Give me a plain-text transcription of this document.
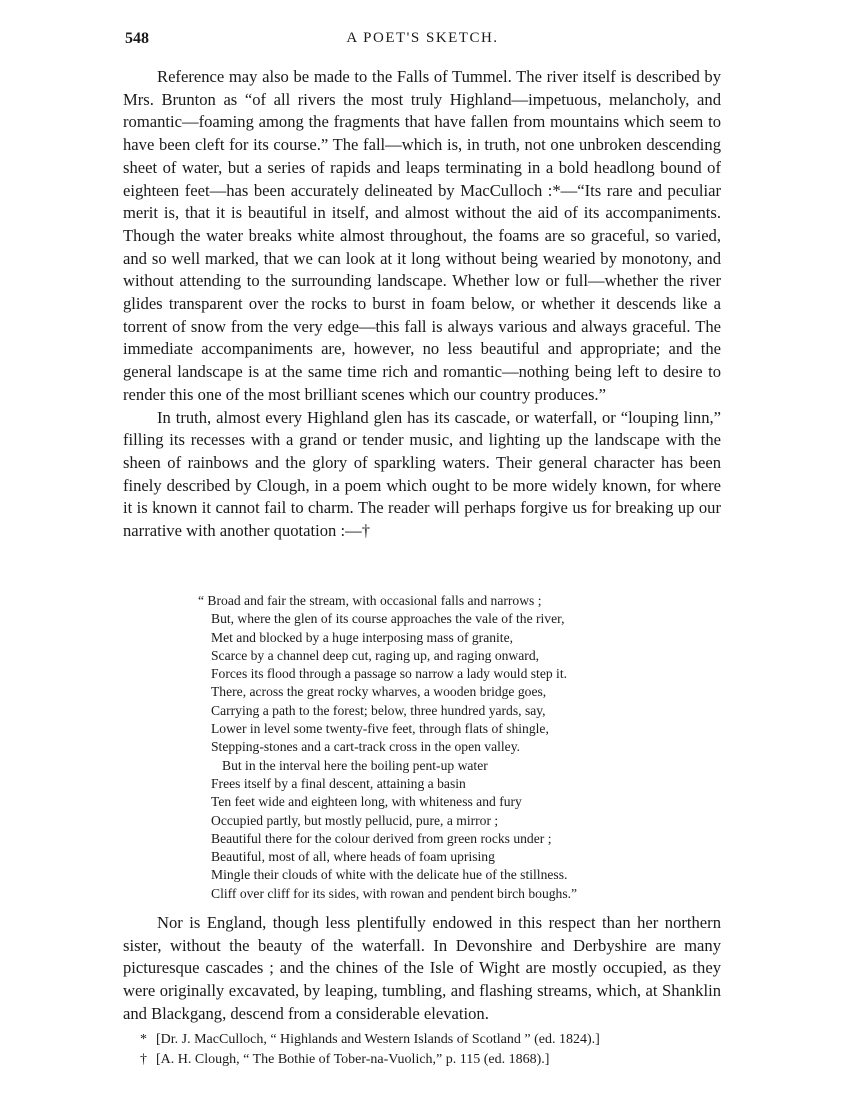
548	A POET'S SKETCH.

Reference may also be made to the Falls of Tummel. The river itself is described by Mrs. Brunton as “of all rivers the most truly Highland—impetuous, melancholy, and romantic—foaming among the fragments that have fallen from mountains which seem to have been cleft for its course.” The fall—which is, in truth, not one unbroken descending sheet of water, but a series of rapids and leaps terminating in a bold headlong bound of eighteen feet—has been accurately delineated by MacCulloch :*—“Its rare and peculiar merit is, that it is beautiful in itself, and almost without the aid of its accompaniments. Though the water breaks white almost throughout, the foams are so graceful, so varied, and so well marked, that we can look at it long without being wearied by monotony, and without attending to the surrounding landscape. Whether low or full—whether the river glides transparent over the rocks to burst in foam below, or whether it descends like a torrent of snow from the very edge—this fall is always various and always graceful. The immediate accompaniments are, however, no less beautiful and appropriate; and the general landscape is at the same time rich and romantic—nothing being left to desire to render this one of the most brilliant scenes which our country produces.”

In truth, almost every Highland glen has its cascade, or waterfall, or “louping linn,” filling its recesses with a grand or tender music, and lighting up the landscape with the sheen of rainbows and the glory of sparkling waters. Their general character has been finely described by Clough, in a poem which ought to be more widely known, for where it is known it cannot fail to charm. The reader will perhaps forgive us for breaking up our narrative with another quotation :—†

“ Broad and fair the stream, with occasional falls and narrows ;
But, where the glen of its course approaches the vale of the river,
Met and blocked by a huge interposing mass of granite,
Scarce by a channel deep cut, raging up, and raging onward,
Forces its flood through a passage so narrow a lady would step it.
There, across the great rocky wharves, a wooden bridge goes,
Carrying a path to the forest; below, three hundred yards, say,
Lower in level some twenty-five feet, through flats of shingle,
Stepping-stones and a cart-track cross in the open valley.
But in the interval here the boiling pent-up water
Frees itself by a final descent, attaining a basin
Ten feet wide and eighteen long, with whiteness and fury
Occupied partly, but mostly pellucid, pure, a mirror ;
Beautiful there for the colour derived from green rocks under ;
Beautiful, most of all, where heads of foam uprising
Mingle their clouds of white with the delicate hue of the stillness.
Cliff over cliff for its sides, with rowan and pendent birch boughs.”

Nor is England, though less plentifully endowed in this respect than her northern sister, without the beauty of the waterfall. In Devonshire and Derbyshire are many picturesque cascades ; and the chines of the Isle of Wight are mostly occupied, as they were originally excavated, by leaping, tumbling, and flashing streams, which, at Shanklin and Blackgang, descend from a considerable elevation.

* [Dr. J. MacCulloch, “ Highlands and Western Islands of Scotland ” (ed. 1824).]
† [A. H. Clough, “ The Bothie of Tober-na-Vuolich,” p. 115 (ed. 1868).]
